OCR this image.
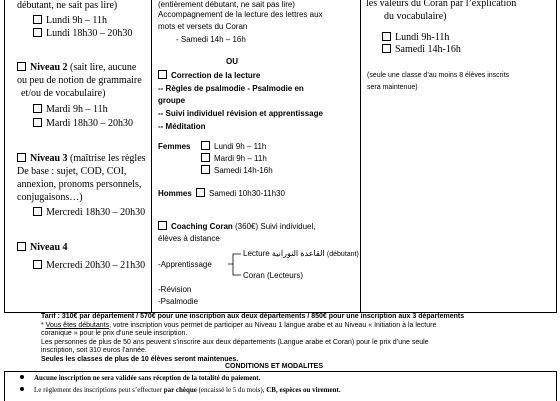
débutant, ne sait pas lire)
Lundi 9h – 11h
Lundi 18h30 – 20h30
Niveau 2 (sait lire, aucune
ou peu de notion de grammaire
et/ou de vocabulaire)
Mardi 9h – 11h
Mardi 18h30 – 20h30
Niveau 3 (maîtrise les règles
De base : sujet, COD, COI,
annexion, pronoms personnels,
conjugaisons…)
Mercredi 18h30 – 20h30
Niveau 4
Mercredi 20h30 – 21h30
(entièrement débutant, ne sait pas lire)
Accompagnement de la lecture des lettres aux
mots et versets du Coran
- Samedi 14h – 16h
OU
Correction de la lecture
-- Règles de psalmodie - Psalmodie en
groupe
-- Suivi individuel révision et apprentissage
-- Méditation
Femmes	Lundi 9h – 11h
Mardi 9h – 11h
Samedi 14h-16h
Hommes	Samedi 10h30-11h30
Coaching Coran (360€) Suivi individuel,
élèves à distance
-Apprentissage
Lecture القاعدة النورانية (débutant)
Coran (Lecteurs)
-Révision
-Psalmodie
les valeurs du Coran par l’explication
du vocabulaire)
Lundi 9h-11h
Samedi 14h-16h
(seule une classe d’au moins 8 élèves inscrits
sera maintenue)
Tarif : 310€ par département / 570€ pour une inscription aux deux départements / 850€ pour une inscription aux 3 départements
* Vous êtes débutants, votre inscription vous permet de participer au Niveau 1 langue arabe et au Niveau « Initiation à la lecture
coranique » pour le prix d’une seule inscription.
Les personnes de plus de 50 ans peuvent s’inscrire aux deux départements (Langue arabe et Coran) pour le prix d’une seule
inscription, soit 310 euros l’année.
Seules les classes de plus de 10 élèves seront maintenues.
CONDITIONS ET MODALITES
Aucune inscription ne sera validée sans réception de la totalité du paiement.
Le règlement des inscriptions peut s’effectuer par chèque (encaissé le 5 du mois), CB, espèces ou virement.
